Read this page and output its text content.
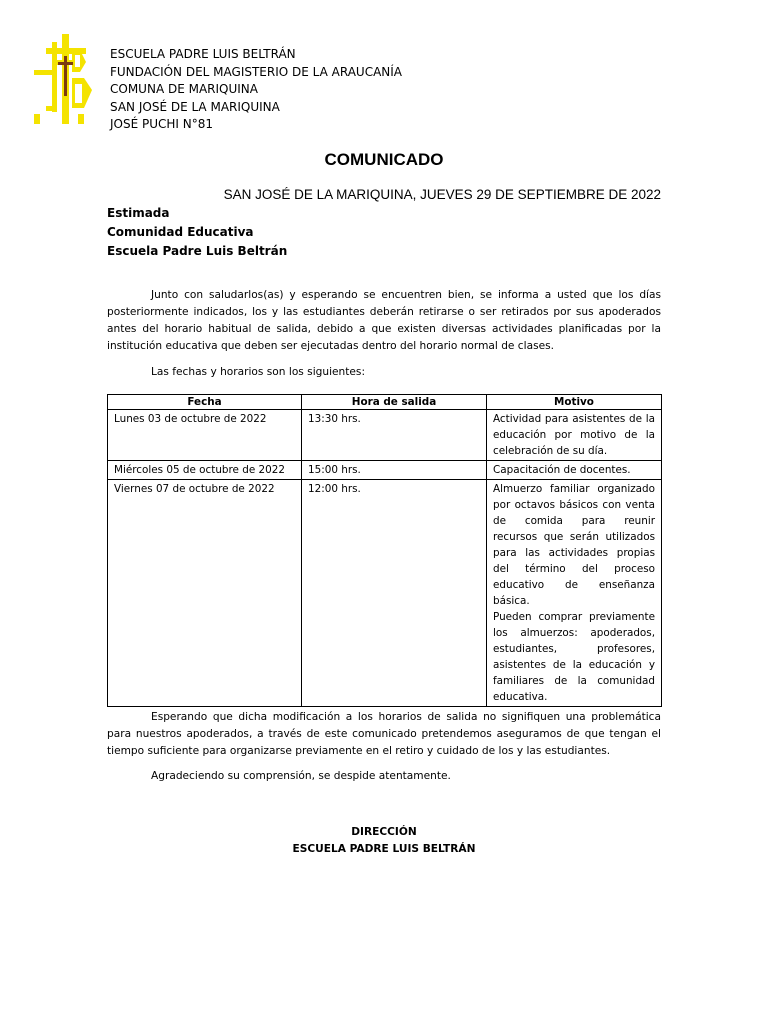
ESCUELA PADRE LUIS BELTRÁN
FUNDACIÓN DEL MAGISTERIO DE LA ARAUCANÍA
COMUNA DE MARIQUINA
SAN JOSÉ DE LA MARIQUINA
JOSÉ PUCHI N°81
COMUNICADO
SAN JOSÉ DE LA MARIQUINA, JUEVES 29 DE SEPTIEMBRE DE 2022
Estimada
Comunidad Educativa
Escuela Padre Luis Beltrán
Junto con saludarlos(as) y esperando se encuentren bien, se informa a usted que los días posteriormente indicados, los y las estudiantes deberán retirarse o ser retirados por sus apoderados antes del horario habitual de salida, debido a que existen diversas actividades planificadas por la institución educativa que deben ser ejecutadas dentro del horario normal de clases.
Las fechas y horarios son los siguientes:
Fecha	Hora de salida	Motivo
Lunes 03 de octubre de 2022	13:30 hrs.	Actividad para asistentes de la educación por motivo de la celebración de su día.
Miércoles 05 de octubre de 2022	15:00 hrs.	Capacitación de docentes.
Viernes 07 de octubre de 2022	12:00 hrs.	Almuerzo familiar organizado por octavos básicos con venta de comida para reunir recursos que serán utilizados para las actividades propias del término del proceso educativo de enseñanza básica.
Pueden comprar previamente los almuerzos: apoderados, estudiantes, profesores, asistentes de la educación y familiares de la comunidad educativa.
Esperando que dicha modificación a los horarios de salida no signifiquen una problemática para nuestros apoderados, a través de este comunicado pretendemos aseguramos de que tengan el tiempo suficiente para organizarse previamente en el retiro y cuidado de los y las estudiantes.
Agradeciendo su comprensión, se despide atentamente.
DIRECCIÓN
ESCUELA PADRE LUIS BELTRÁN
